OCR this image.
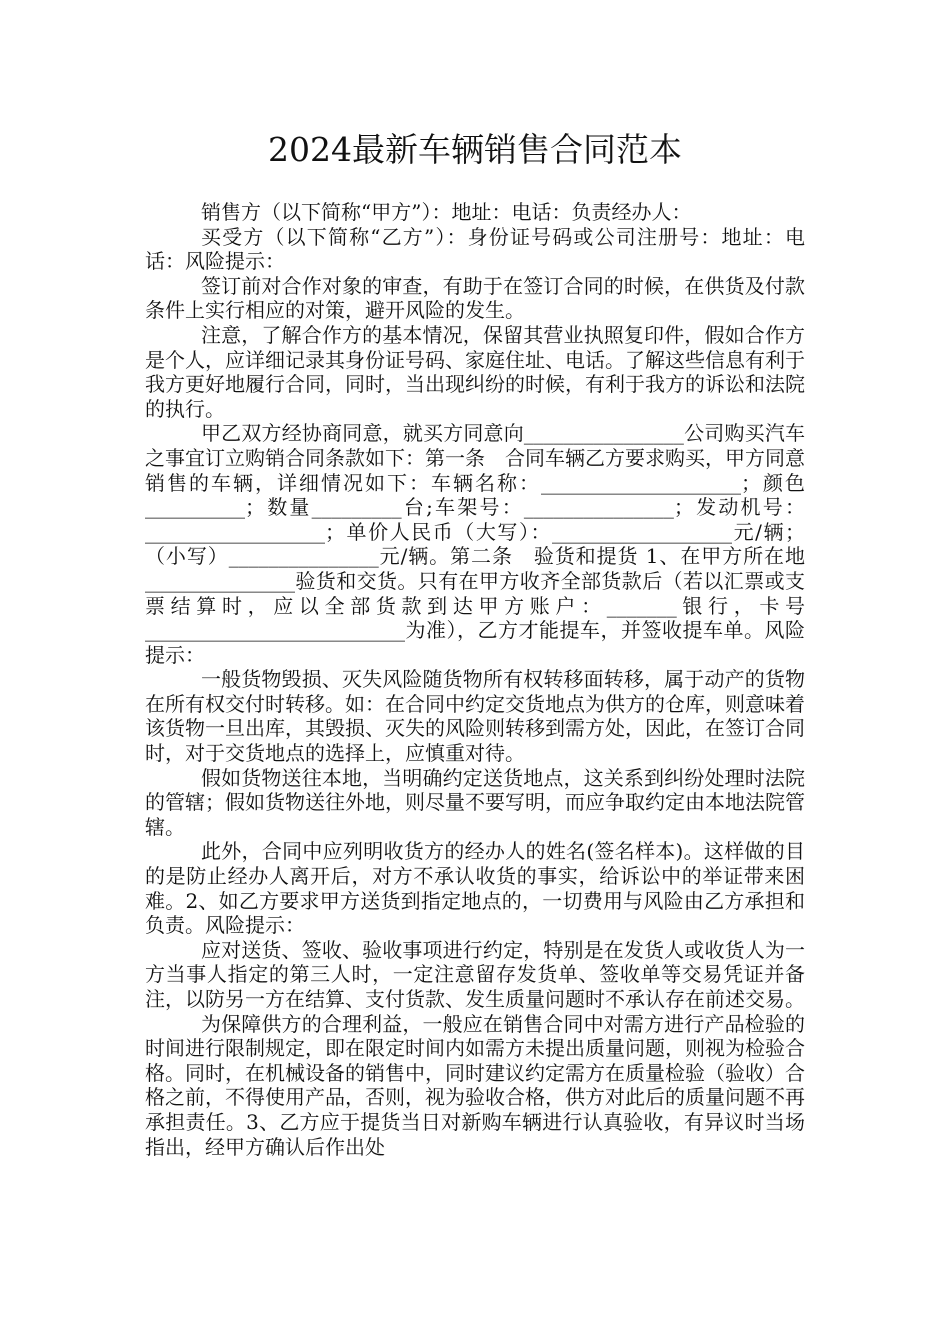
2024最新车辆销售合同范本

销售方（以下简称“甲方”）：地址：电话：负责经办人：

买受方（以下简称“乙方”）：身份证号码或公司注册号：地址：电话：风险提示：

签订前对合作对象的审查，有助于在签订合同的时候，在供货及付款条件上实行相应的对策，避开风险的发生。

注意，了解合作方的基本情况，保留其营业执照复印件，假如合作方是个人，应详细记录其身份证号码、家庭住址、电话。了解这些信息有利于我方更好地履行合同，同时，当出现纠纷的时候，有利于我方的诉讼和法院的执行。

甲乙双方经协商同意，就买方同意向________________公司购买汽车之事宜订立购销合同条款如下：第一条　合同车辆乙方要求购买，甲方同意销售的车辆，详细情况如下：车辆名称：____________________；颜色__________；数量_________台;车架号：_______________；发动机号：__________________；单价人民币（大写）：__________________元/辆；（小写）_______________元/辆。第二条　验货和提货 1、在甲方所在地_______________验货和交货。只有在甲方收齐全部货款后（若以汇票或支票结算时，应以全部货款到达甲方账户：_______银行，卡号__________________________为准），乙方才能提车，并签收提车单。风险提示：

一般货物毁损、灭失风险随货物所有权转移面转移，属于动产的货物在所有权交付时转移。如：在合同中约定交货地点为供方的仓库，则意味着该货物一旦出库，其毁损、灭失的风险则转移到需方处，因此，在签订合同时，对于交货地点的选择上，应慎重对待。

假如货物送往本地，当明确约定送货地点，这关系到纠纷处理时法院的管辖；假如货物送往外地，则尽量不要写明，而应争取约定由本地法院管辖。

此外，合同中应列明收货方的经办人的姓名(签名样本)。这样做的目的是防止经办人离开后，对方不承认收货的事实，给诉讼中的举证带来困难。2、如乙方要求甲方送货到指定地点的，一切费用与风险由乙方承担和负责。风险提示：

应对送货、签收、验收事项进行约定，特别是在发货人或收货人为一方当事人指定的第三人时，一定注意留存发货单、签收单等交易凭证并备注，以防另一方在结算、支付货款、发生质量问题时不承认存在前述交易。

为保障供方的合理利益，一般应在销售合同中对需方进行产品检验的时间进行限制规定，即在限定时间内如需方未提出质量问题，则视为检验合格。同时，在机械设备的销售中，同时建议约定需方在质量检验（验收）合格之前，不得使用产品，否则，视为验收合格，供方对此后的质量问题不再承担责任。3、乙方应于提货当日对新购车辆进行认真验收，有异议时当场指出，经甲方确认后作出处
